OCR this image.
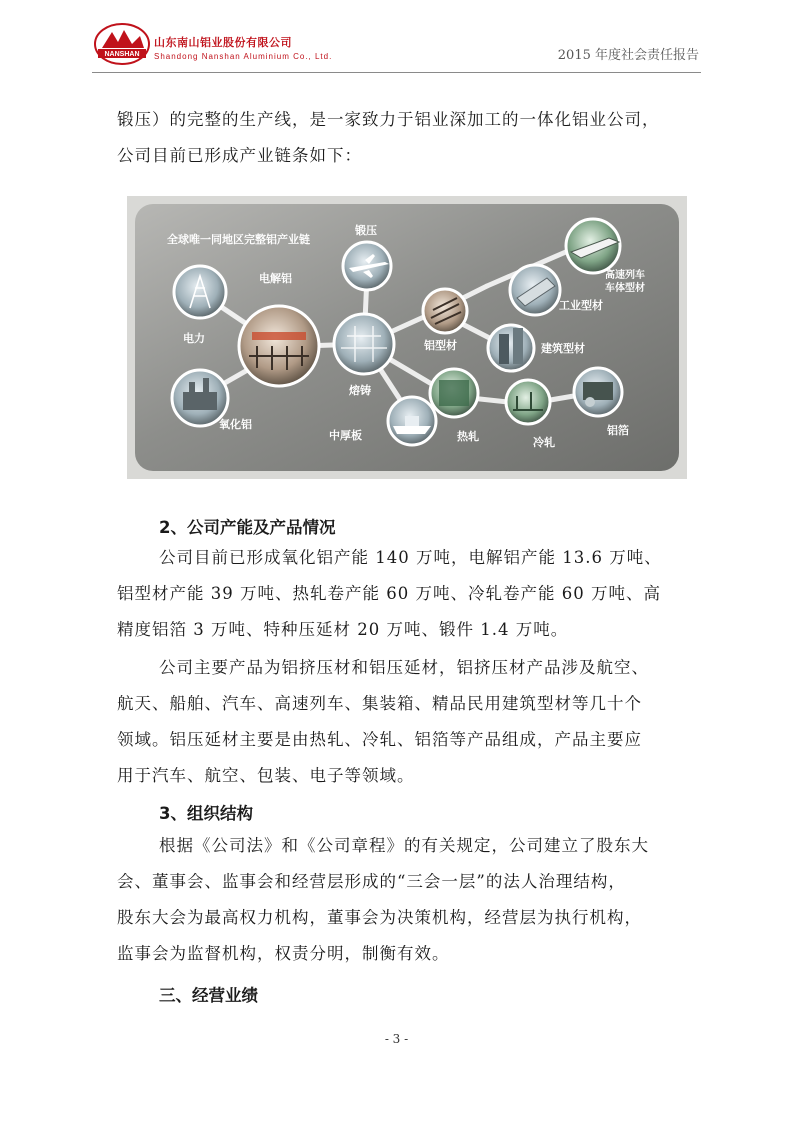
NANSHAN
山东南山铝业股份有限公司
Shandong Nanshan Aluminium Co., Ltd.	2015 年度社会责任报告
锻压）的完整的生产线，是一家致力于铝业深加工的一体化铝业公司，
公司目前已形成产业链条如下：
全球唯一同地区完整铝产业链
电力
电解铝
氧化铝
熔铸
锻压
铝型材
工业型材
高速列车
车体型材
建筑型材
中厚板	热轧	冷轧
铝箔
2、公司产能及产品情况
公司目前已形成氧化铝产能 140 万吨，电解铝产能 13.6 万吨、
铝型材产能 39 万吨、热轧卷产能 60 万吨、冷轧卷产能 60 万吨、高
精度铝箔 3 万吨、特种压延材 20 万吨、锻件 1.4 万吨。
公司主要产品为铝挤压材和铝压延材，铝挤压材产品涉及航空、
航天、船舶、汽车、高速列车、集装箱、精品民用建筑型材等几十个
领域。铝压延材主要是由热轧、冷轧、铝箔等产品组成，产品主要应
用于汽车、航空、包装、电子等领域。
3、组织结构
根据《公司法》和《公司章程》的有关规定，公司建立了股东大
会、董事会、监事会和经营层形成的“三会一层”的法人治理结构，
股东大会为最高权力机构，董事会为决策机构，经营层为执行机构，
监事会为监督机构，权责分明，制衡有效。
三、经营业绩
- 3 -
